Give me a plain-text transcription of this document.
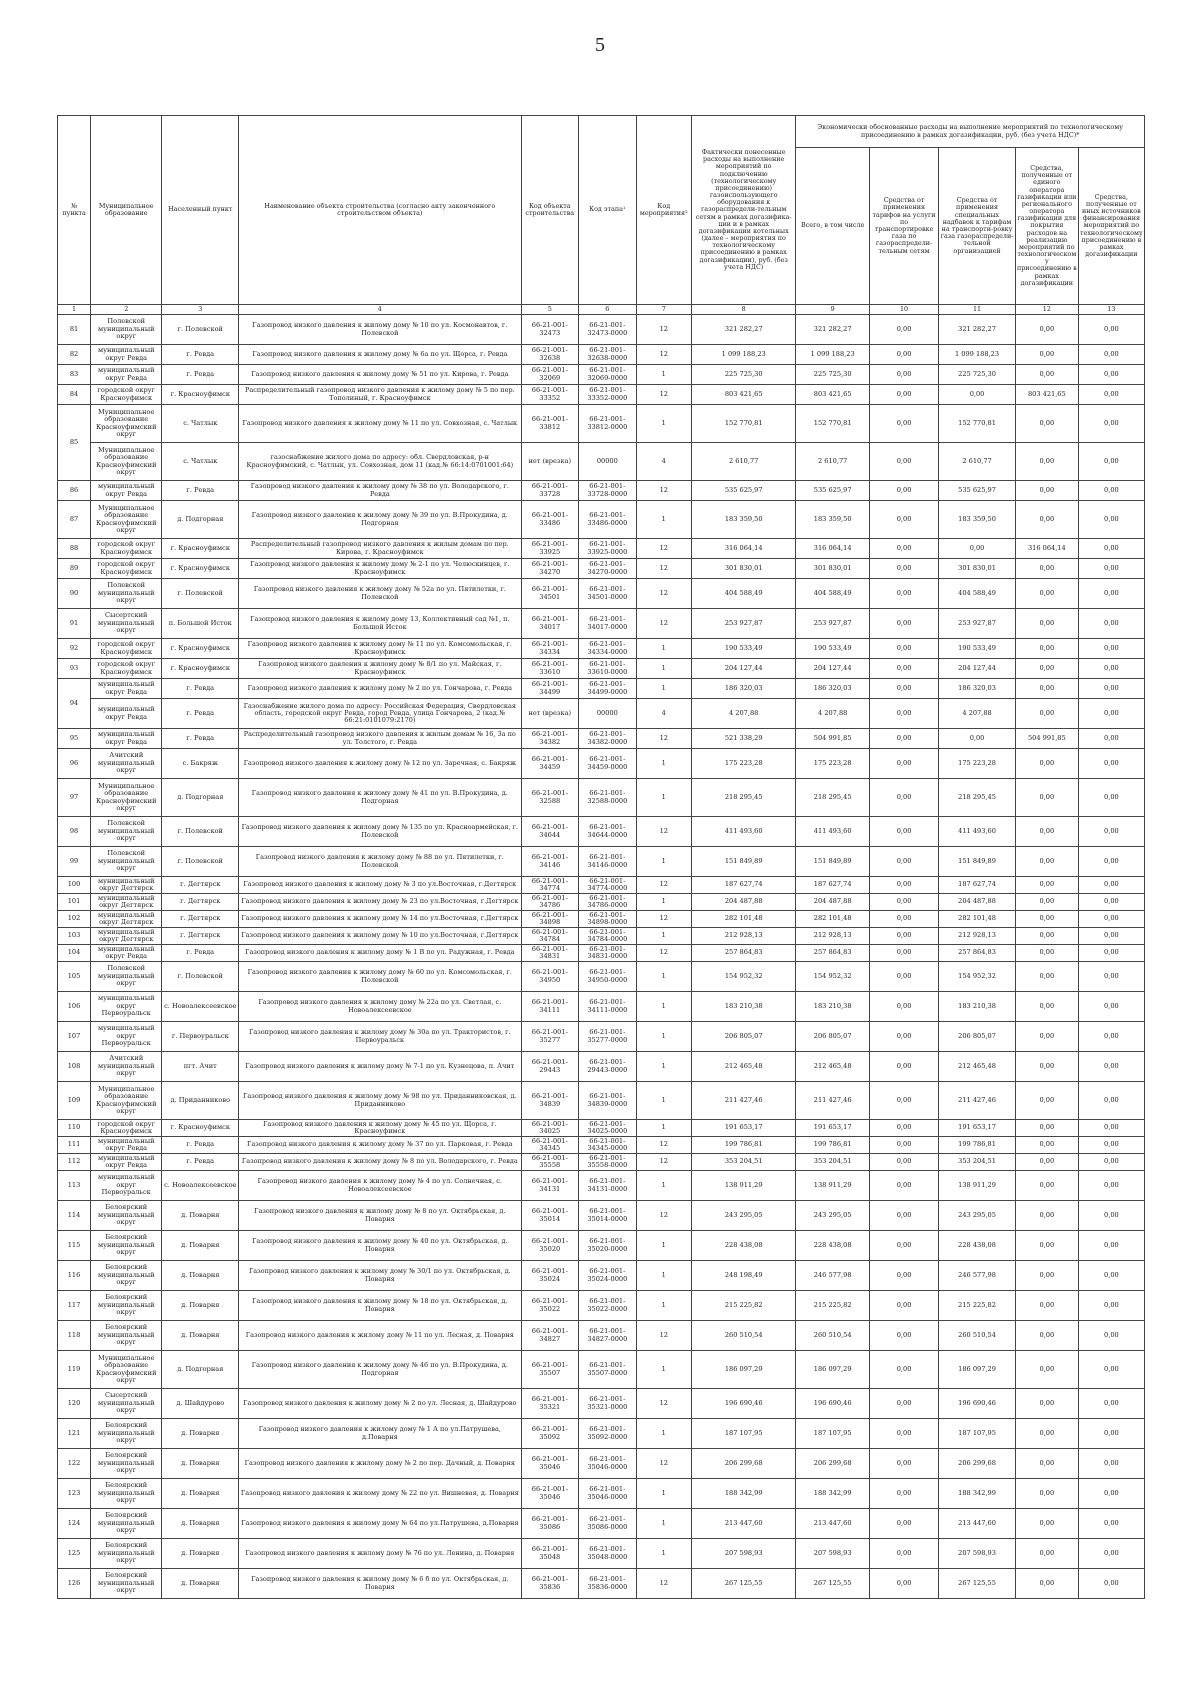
5
№ пункта	Муниципальное образование	Населенный пункт	Наименование объекта строительства (согласно акту законченного строительством объекта)	Код объекта строительства	Код этапа¹	Код мероприятия²	Фактически понесенные расходы на выполнение мероприятий по подключению (технологическому присоединению) газоиспользующего оборудования к газораспредели-тельным сетям в рамках догазифика-ции и в рамках догазификации котельных (далее – мероприятия по технологическому присоединению в рамках догазификации), руб. (без учета НДС)	Экономически обоснованные расходы на выполнение мероприятий по технологическому присоединению в рамках догазификации, руб. (без учета НДС)*				
								Всего, в том числе	Средства от применения тарифов на услуги по транспортировке газа по газораспредели-тельным сетям	Средства от применения специальных надбавок к тарифам на транспорти-ровку газа газораспредели-тельной организацией	Средства, полученные от единого оператора газификации или регионального оператора газификации для покрытия расходов на реализацию мероприятий по технологическому присоединению в рамках догазификации	Средства, полученные от иных источников финансирования мероприятий по технологическому присоединению в рамках догазификации
1	2	3	4	5	6	7	8	9	10	11	12	13
81	Полевской муниципальный округ	г. Полевской	Газопровод низкого давления к жилому дому № 10 по ул. Космонавтов, г. Полевской	66-21-001-32473	66-21-001-32473-0000	12	321 282,27	321 282,27	0,00	321 282,27	0,00	0,00
82	муниципальный округ Ревда	г. Ревда	Газопровод низкого давления к жилому дому № 6а по ул. Щорса, г. Ревда	66-21-001-32638	66-21-001-32638-0000	12	1 099 188,23	1 099 188,23	0,00	1 099 188,23	0,00	0,00
83	муниципальный округ Ревда	г. Ревда	Газопровод низкого давления к жилому дому № 51 по ул. Кирова, г. Ревда	66-21-001-32069	66-21-001-32069-0000	1	225 725,30	225 725,30	0,00	225 725,30	0,00	0,00
84	городской округ Красноуфимск	г. Красноуфимск	Распределительный газопровод низкого давления к жилому дому № 5 по пер. Тополиный, г. Красноуфимск	66-21-001-33352	66-21-001-33352-0000	12	803 421,65	803 421,65	0,00	0,00	803 421,65	0,00
85	Муниципальное образование Красноуфимский округ	с. Чатлык	Газопровод низкого давления к жилому дому № 11 по ул. Совхозная, с. Чатлык	66-21-001-33812	66-21-001-33812-0000	1	152 770,81	152 770,81	0,00	152 770,81	0,00	0,00
	Муниципальное образование Красноуфимский округ	с. Чатлык	газоснабжение жилого дома по адресу: обл. Свердловская, р-н Красноуфимский, с. Чатлык, ул. Совхозная, дом 11 (кад.№ 66:14:0701001:64)	нет (врезка)	00000	4	2 610,77	2 610,77	0,00	2 610,77	0,00	0,00
86	муниципальный округ Ревда	г. Ревда	Газопровод низкого давления к жилому дому № 38 по ул. Володарского, г. Ревда	66-21-001-33728	66-21-001-33728-0000	12	535 625,97	535 625,97	0,00	535 625,97	0,00	0,00
87	Муниципальное образование Красноуфимский округ	д. Подгорная	Газопровод низкого давления к жилому дому № 39 по ул. В.Прокудина, д. Подгорная	66-21-001-33486	66-21-001-33486-0000	1	183 359,50	183 359,50	0,00	183 359,50	0,00	0,00
88	городской округ Красноуфимск	г. Красноуфимск	Распределительный газопровод низкого давления к жилым домам по пер. Кирова, г. Красноуфимск	66-21-001-33925	66-21-001-33925-0000	12	316 064,14	316 064,14	0,00	0,00	316 064,14	0,00
89	городской округ Красноуфимск	г. Красноуфимск	Газопровод низкого давления к жилому дому № 2-1 по ул. Челюскинцев, г. Красноуфимск	66-21-001-34270	66-21-001-34270-0000	12	301 830,01	301 830,01	0,00	301 830,01	0,00	0,00
90	Полевской муниципальный округ	г. Полевской	Газопровод низкого давления к жилому дому № 52а по ул. Пятилетки, г. Полевской	66-21-001-34501	66-21-001-34501-0000	12	404 588,49	404 588,49	0,00	404 588,49	0,00	0,00
91	Сысертский муниципальный округ	п. Большой Исток	Газопровод низкого давления к жилому дому 13, Коллективный сад №1, п. Большой Исток	66-21-001-34017	66-21-001-34017-0000	12	253 927,87	253 927,87	0,00	253 927,87	0,00	0,00
92	городской округ Красноуфимск	г. Красноуфимск	Газопровод низкого давления к жилому дому № 11 по ул. Комсомольская, г. Красноуфимск	66-21-001-34334	66-21-001-34334-0000	1	190 533,49	190 533,49	0,00	190 533,49	0,00	0,00
93	городской округ Красноуфимск	г. Красноуфимск	Газопровод низкого давления к жилому дому № 8/1 по ул. Майская, г. Красноуфимск	66-21-001-33610	66-21-001-33610-0000	1	204 127,44	204 127,44	0,00	204 127,44	0,00	0,00
94	муниципальный округ Ревда	г. Ревда	Газопровод низкого давления к жилому дому № 2 по ул. Гончарова, г. Ревда	66-21-001-34499	66-21-001-34499-0000	1	186 320,03	186 320,03	0,00	186 320,03	0,00	0,00
	муниципальный округ Ревда	г. Ревда	Газоснабжение жилого дома по адресу: Российская Федерация, Свердловская область, городской округ Ревда, город Ревда, улица Гончарова, 2 (кад.№ 66:21:0101079:2170)	нет (врезка)	00000	4	4 207,88	4 207,88	0,00	4 207,88	0,00	0,00
95	муниципальный округ Ревда	г. Ревда	Распределительный газопровод низкого давления к жилым домам № 16, 3а по ул. Толстого, г. Ревда	66-21-001-34382	66-21-001-34382-0000	12	521 338,29	504 991,85	0,00	0,00	504 991,85	0,00
96	Ачитский муниципальный округ	с. Бакряж	Газопровод низкого давления к жилому дому № 12 по ул. Заречная, с. Бакряж	66-21-001-34459	66-21-001-34459-0000	1	175 223,28	175 223,28	0,00	175 223,28	0,00	0,00
97	Муниципальное образование Красноуфимский округ	д. Подгорная	Газопровод низкого давления к жилому дому № 41 по ул. В.Прокудина, д. Подгорная	66-21-001-32588	66-21-001-32588-0000	1	218 295,45	218 295,45	0,00	218 295,45	0,00	0,00
98	Полевской муниципальный округ	г. Полевской	Газопровод низкого давления к жилому дому № 135 по ул. Красноармейская, г. Полевской	66-21-001-34644	66-21-001-34644-0000	12	411 493,60	411 493,60	0,00	411 493,60	0,00	0,00
99	Полевской муниципальный округ	г. Полевской	Газопровод низкого давления к жилому дому № 88 по ул. Пятилетки, г. Полевской	66-21-001-34146	66-21-001-34146-0000	1	151 849,89	151 849,89	0,00	151 849,89	0,00	0,00
100	муниципальный округ Дегтярск	г. Дегтярск	Газопровод низкого давления к жилому дому № 3 по ул.Восточная, г.Дегтярск	66-21-001-34774	66-21-001-34774-0000	12	187 627,74	187 627,74	0,00	187 627,74	0,00	0,00
101	муниципальный округ Дегтярск	г. Дегтярск	Газопровод низкого давления к жилому дому № 23 по ул.Восточная, г.Дегтярск	66-21-001-34786	66-21-001-34786-0000	1	204 487,88	204 487,88	0,00	204 487,88	0,00	0,00
102	муниципальный округ Дегтярск	г. Дегтярск	Газопровод низкого давления к жилому дому № 14 по ул.Восточная, г.Дегтярск	66-21-001-34898	66-21-001-34898-0000	12	282 101,48	282 101,48	0,00	282 101,48	0,00	0,00
103	муниципальный округ Дегтярск	г. Дегтярск	Газопровод низкого давления к жилому дому № 10 по ул.Восточная, г.Дегтярск	66-21-001-34784	66-21-001-34784-0000	1	212 928,13	212 928,13	0,00	212 928,13	0,00	0,00
104	муниципальный округ Ревда	г. Ревда	Газопровод низкого давления к жилому дому № 1 В по ул. Радужная, г. Ревда	66-21-001-34831	66-21-001-34831-0000	12	257 864,83	257 864,83	0,00	257 864,83	0,00	0,00
105	Полевской муниципальный округ	г. Полевской	Газопровод низкого давления к жилому дому № 60 по ул. Комсомольская, г. Полевской	66-21-001-34950	66-21-001-34950-0000	1	154 952,32	154 952,32	0,00	154 952,32	0,00	0,00
106	муниципальный округ Первоуральск	с. Новоалексеевское	Газопровод низкого давления к жилому дому № 22а по ул. Светлая, с. Новоалексеевское	66-21-001-34111	66-21-001-34111-0000	1	183 210,38	183 210,38	0,00	183 210,38	0,00	0,00
107	муниципальный округ Первоуральск	г. Первоуральск	Газопровод низкого давления к жилому дому № 30а по ул. Трактористов, г. Первоуральск	66-21-001-35277	66-21-001-35277-0000	1	206 805,07	206 805,07	0,00	206 805,07	0,00	0,00
108	Ачитский муниципальный округ	пгт. Ачит	Газопровод низкого давления к жилому дому № 7-1 по ул. Кузнецова, п. Ачит	66-21-001-29443	66-21-001-29443-0000	1	212 465,48	212 465,48	0,00	212 465,48	0,00	0,00
109	Муниципальное образование Красноуфимский округ	д. Приданниково	Газопровод низкого давления к жилому дому № 98 по ул. Приданниковская, д. Приданниково	66-21-001-34839	66-21-001-34839-0000	1	211 427,46	211 427,46	0,00	211 427,46	0,00	0,00
110	городской округ Красноуфимск	г. Красноуфимск	Газопровод низкого давления к жилому дому № 45 по ул. Щорса, г. Красноуфимск	66-21-001-34025	66-21-001-34025-0000	1	191 653,17	191 653,17	0,00	191 653,17	0,00	0,00
111	муниципальный округ Ревда	г. Ревда	Газопровод низкого давления к жилому дому № 37 по ул. Парковая, г. Ревда	66-21-001-34345	66-21-001-34345-0000	12	199 786,81	199 786,81	0,00	199 786,81	0,00	0,00
112	муниципальный округ Ревда	г. Ревда	Газопровод низкого давления к жилому дому № 8 по ул. Володарского, г. Ревда	66-21-001-35558	66-21-001-35558-0000	12	353 204,51	353 204,51	0,00	353 204,51	0,00	0,00
113	муниципальный округ Первоуральск	с. Новоалексеевское	Газопровод низкого давления к жилому дому № 4 по ул. Солнечная, с. Новоалексеевское	66-21-001-34131	66-21-001-34131-0000	1	138 911,29	138 911,29	0,00	138 911,29	0,00	0,00
114	Белоярский муниципальный округ	д. Поварня	Газопровод низкого давления к жилому дому № 8 по ул. Октябрьская, д. Поварня	66-21-001-35014	66-21-001-35014-0000	12	243 295,05	243 295,05	0,00	243 295,05	0,00	0,00
115	Белоярский муниципальный округ	д. Поварня	Газопровод низкого давления к жилому дому № 40 по ул. Октябрьская, д. Поварня	66-21-001-35020	66-21-001-35020-0000	1	228 438,08	228 438,08	0,00	228 438,08	0,00	0,00
116	Белоярский муниципальный округ	д. Поварня	Газопровод низкого давления к жилому дому № 30/1 по ул. Октябрьская, д. Поварня	66-21-001-35024	66-21-001-35024-0000	1	248 198,49	246 577,98	0,00	246 577,98	0,00	0,00
117	Белоярский муниципальный округ	д. Поварня	Газопровод низкого давления к жилому дому № 18 по ул. Октябрьская, д. Поварня	66-21-001-35022	66-21-001-35022-0000	1	215 225,82	215 225,82	0,00	215 225,82	0,00	0,00
118	Белоярский муниципальный округ	д. Поварня	Газопровод низкого давления к жилому дому № 11 по ул. Лесная, д. Поварня	66-21-001-34827	66-21-001-34827-0000	12	260 510,54	260 510,54	0,00	260 510,54	0,00	0,00
119	Муниципальное образование Красноуфимский округ	д. Подгорная	Газопровод низкого давления к жилому дому № 46 по ул. В.Прокудина, д. Подгорная	66-21-001-35507	66-21-001-35507-0000	1	186 097,29	186 097,29	0,00	186 097,29	0,00	0,00
120	Сысертский муниципальный округ	д. Шайдурово	Газопровод низкого давления к жилому дому № 2 по ул. Лесная, д. Шайдурово	66-21-001-35321	66-21-001-35321-0000	12	196 690,46	196 690,46	0,00	196 690,46	0,00	0,00
121	Белоярский муниципальный округ	д. Поварня	Газопровод низкого давления к жилому дому № 1 А по ул.Патрушева, д.Поварня	66-21-001-35092	66-21-001-35092-0000	1	187 107,95	187 107,95	0,00	187 107,95	0,00	0,00
122	Белоярский муниципальный округ	д. Поварня	Газопровод низкого давления к жилому дому № 2 по пер. Дачный, д. Поварня	66-21-001-35046	66-21-001-35046-0000	12	206 299,68	206 299,68	0,00	206 299,68	0,00	0,00
123	Белоярский муниципальный округ	д. Поварня	Газопровод низкого давления к жилому дому № 22 по ул. Вишневая, д. Поварня	66-21-001-35046	66-21-001-35046-0000	1	188 342,99	188 342,99	0,00	188 342,99	0,00	0,00
124	Белоярский муниципальный округ	д. Поварня	Газопровод низкого давления к жилому дому № 64 по ул.Патрушева, д.Поварня	66-21-001-35086	66-21-001-35086-0000	1	213 447,60	213 447,60	0,00	213 447,60	0,00	0,00
125	Белоярский муниципальный округ	д. Поварня	Газопровод низкого давления к жилому дому № 76 по ул. Ленина, д. Поварня	66-21-001-35048	66-21-001-35048-0000	1	207 598,93	207 598,93	0,00	207 598,93	0,00	0,00
126	Белоярский муниципальный округ	д. Поварня	Газопровод низкого давления к жилому дому № 6 б по ул. Октябрьская, д. Поварня	66-21-001-35836	66-21-001-35836-0000	12	267 125,55	267 125,55	0,00	267 125,55	0,00	0,00
